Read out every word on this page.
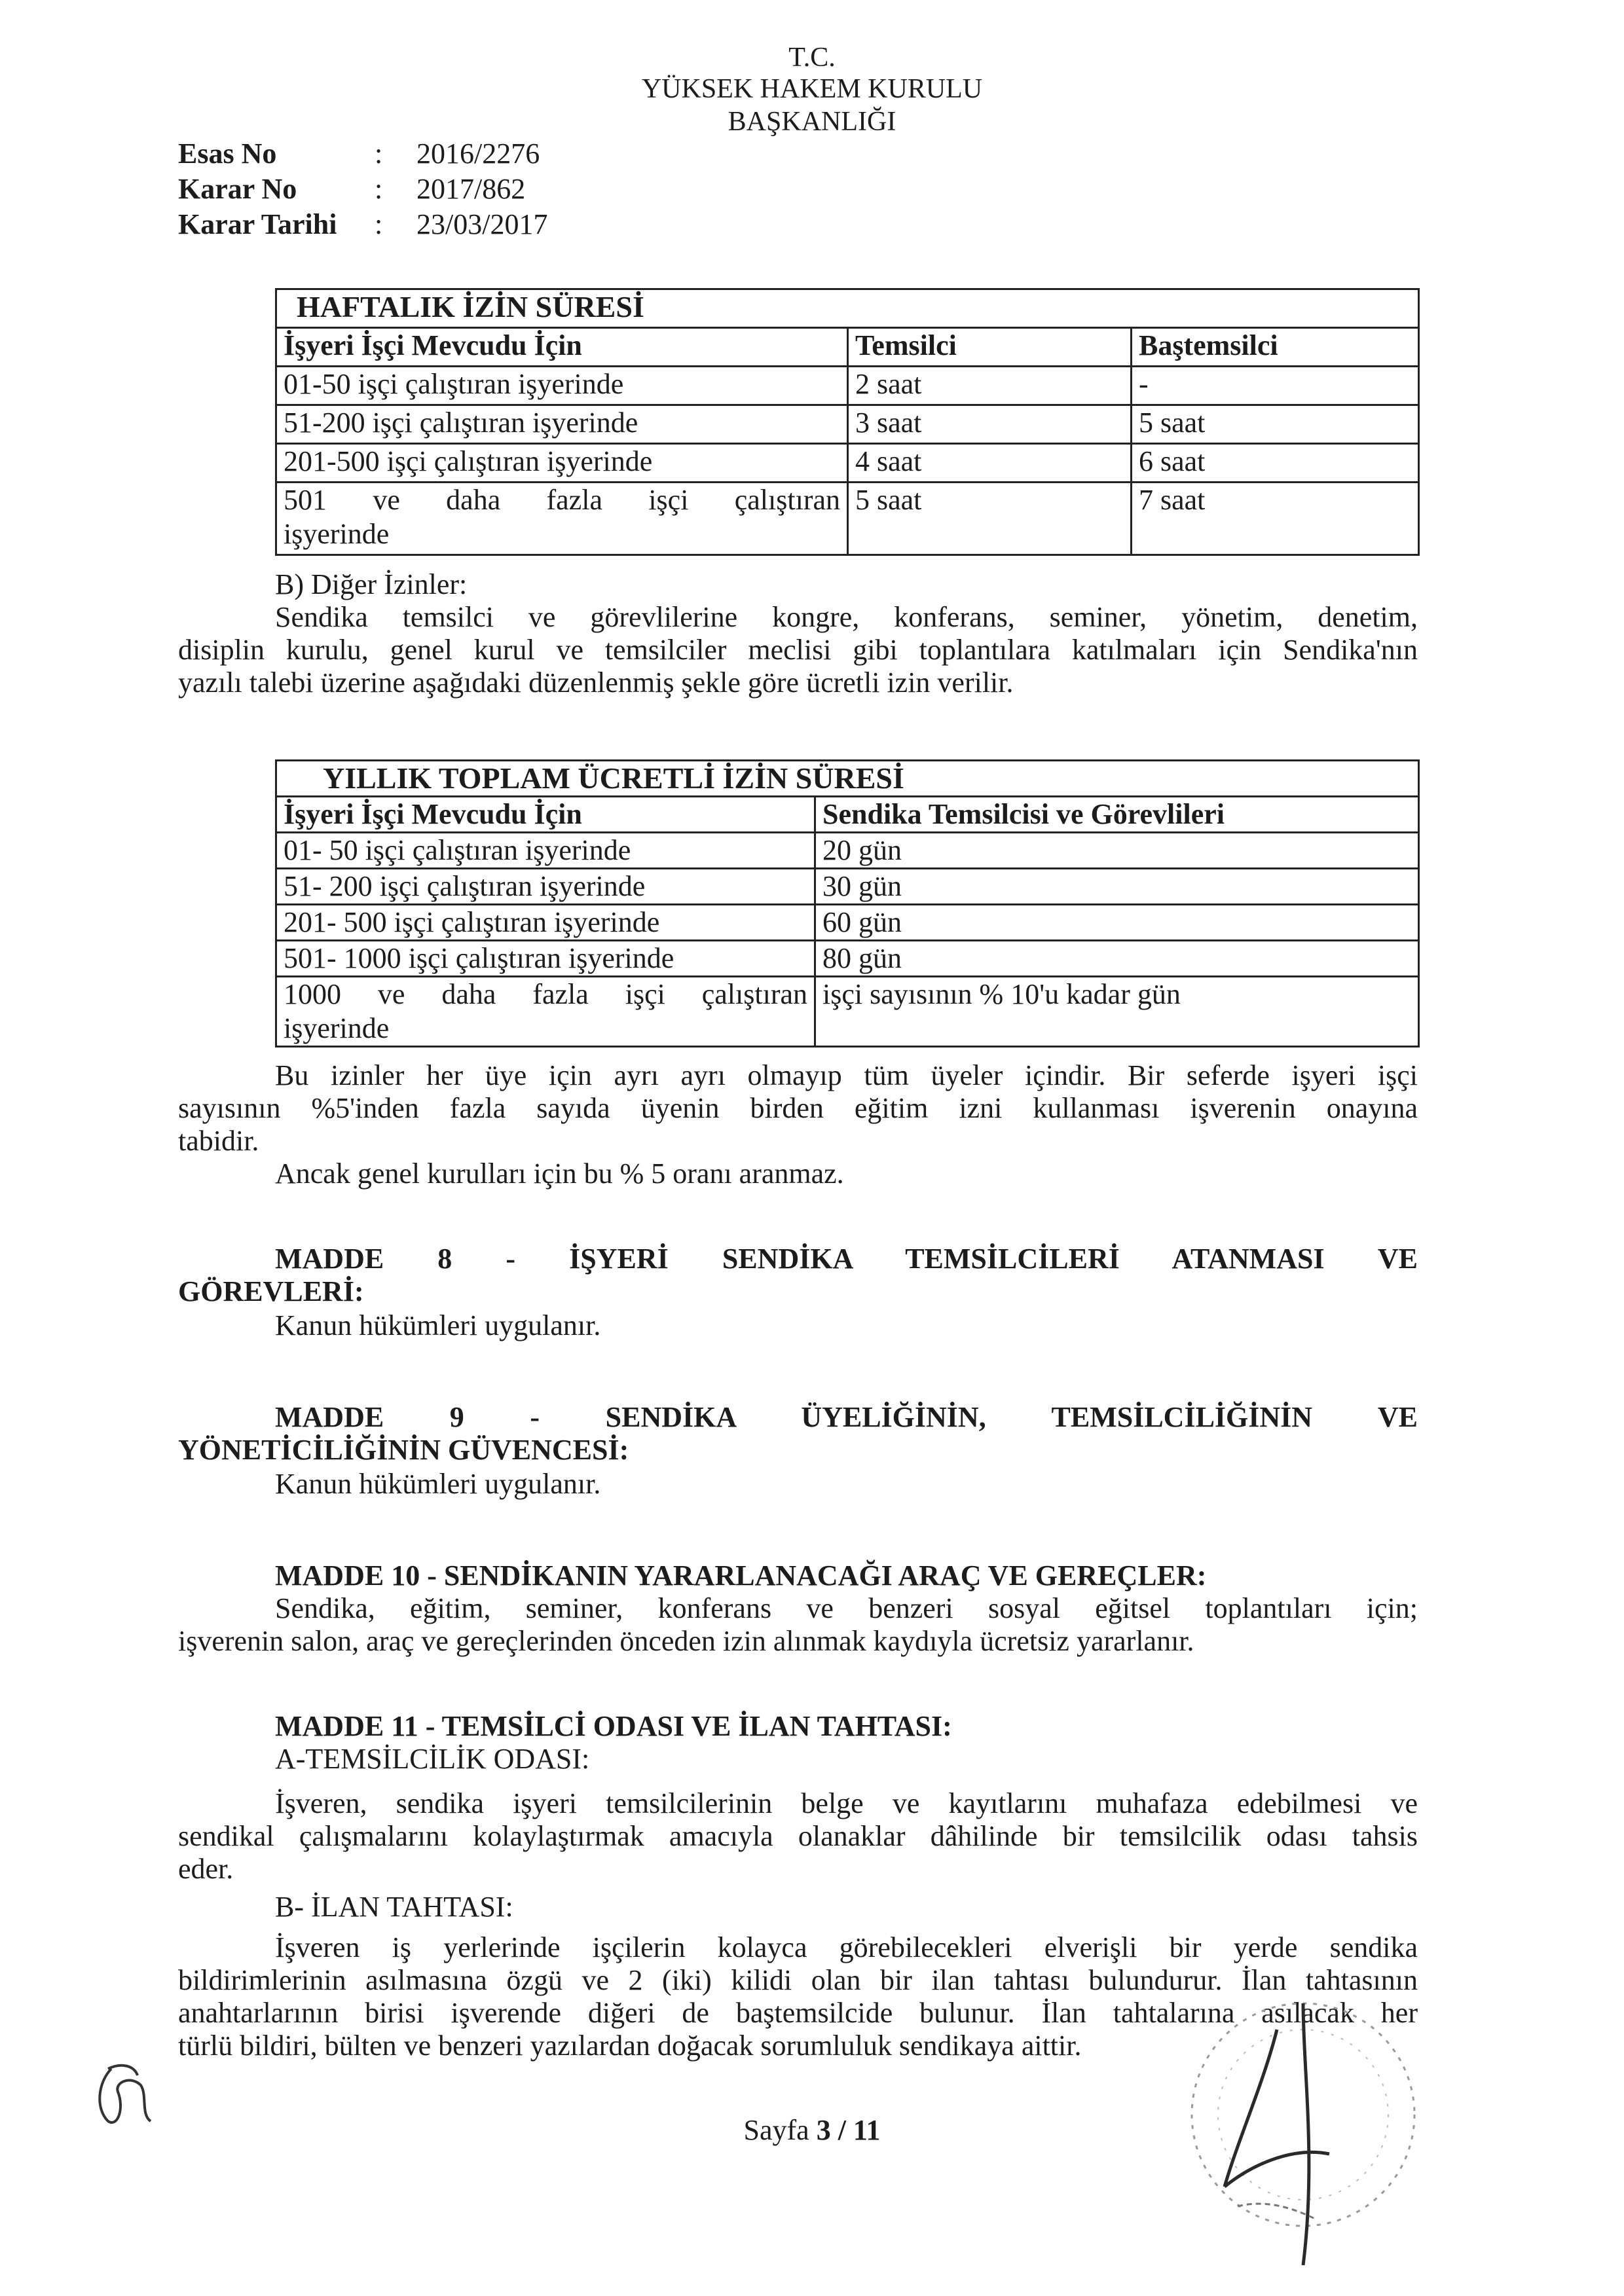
T.C.
YÜKSEK HAKEM KURULU
BAŞKANLIĞI
Esas No	:	2016/2276
Karar No	:	2017/862
Karar Tarihi	:	23/03/2017
HAFTALIK İZİN SÜRESİ		
İşyeri İşçi Mevcudu İçin	Temsilci	Baştemsilci
01-50 işçi çalıştıran işyerinde	2 saat	-
51-200 işçi çalıştıran işyerinde	3 saat	5 saat
201-500 işçi çalıştıran işyerinde	4 saat	6 saat

501 ve daha fazla işçi çalıştıran
işyerinde	5 saat	7 saat
B) Diğer İzinler:
Sendika temsilci ve görevlilerine kongre, konferans, seminer, yönetim, denetim,
disiplin kurulu, genel kurul ve temsilciler meclisi gibi toplantılara katılmaları için Sendika'nın
yazılı talebi üzerine aşağıdaki düzenlenmiş şekle göre ücretli izin verilir.
YILLIK TOPLAM ÜCRETLİ İZİN SÜRESİ	
İşyeri İşçi Mevcudu İçin	Sendika Temsilcisi ve Görevlileri
01- 50 işçi çalıştıran işyerinde	20 gün
51- 200 işçi çalıştıran işyerinde	30 gün
201- 500 işçi çalıştıran işyerinde	60 gün
501- 1000 işçi çalıştıran işyerinde	80 gün

1000 ve daha fazla işçi çalıştıran
işyerinde	işçi sayısının % 10'u kadar gün
Bu izinler her üye için ayrı ayrı olmayıp tüm üyeler içindir. Bir seferde işyeri işçi
sayısının %5'inden fazla sayıda üyenin birden eğitim izni kullanması işverenin onayına
tabidir.
Ancak genel kurulları için bu % 5 oranı aranmaz.
MADDE 8 - İŞYERİ SENDİKA TEMSİLCİLERİ ATANMASI VE
GÖREVLERİ:
Kanun hükümleri uygulanır.
MADDE 9 - SENDİKA ÜYELİĞİNİN, TEMSİLCİLİĞİNİN VE
YÖNETİCİLİĞİNİN GÜVENCESİ:
Kanun hükümleri uygulanır.
MADDE 10 - SENDİKANIN YARARLANACAĞI ARAÇ VE GEREÇLER:
Sendika, eğitim, seminer, konferans ve benzeri sosyal eğitsel toplantıları için;
işverenin salon, araç ve gereçlerinden önceden izin alınmak kaydıyla ücretsiz yararlanır.
MADDE 11 - TEMSİLCİ ODASI VE İLAN TAHTASI:
A-TEMSİLCİLİK ODASI:
İşveren, sendika işyeri temsilcilerinin belge ve kayıtlarını muhafaza edebilmesi ve
sendikal çalışmalarını kolaylaştırmak amacıyla olanaklar dâhilinde bir temsilcilik odası tahsis
eder.
B- İLAN TAHTASI:
İşveren iş yerlerinde işçilerin kolayca görebilecekleri elverişli bir yerde sendika
bildirimlerinin asılmasına özgü ve 2 (iki) kilidi olan bir ilan tahtası bulundurur. İlan tahtasının
anahtarlarının birisi işverende diğeri de baştemsilcide bulunur. İlan tahtalarına asılacak her
türlü bildiri, bülten ve benzeri yazılardan doğacak sorumluluk sendikaya aittir.
Sayfa 3 / 11
